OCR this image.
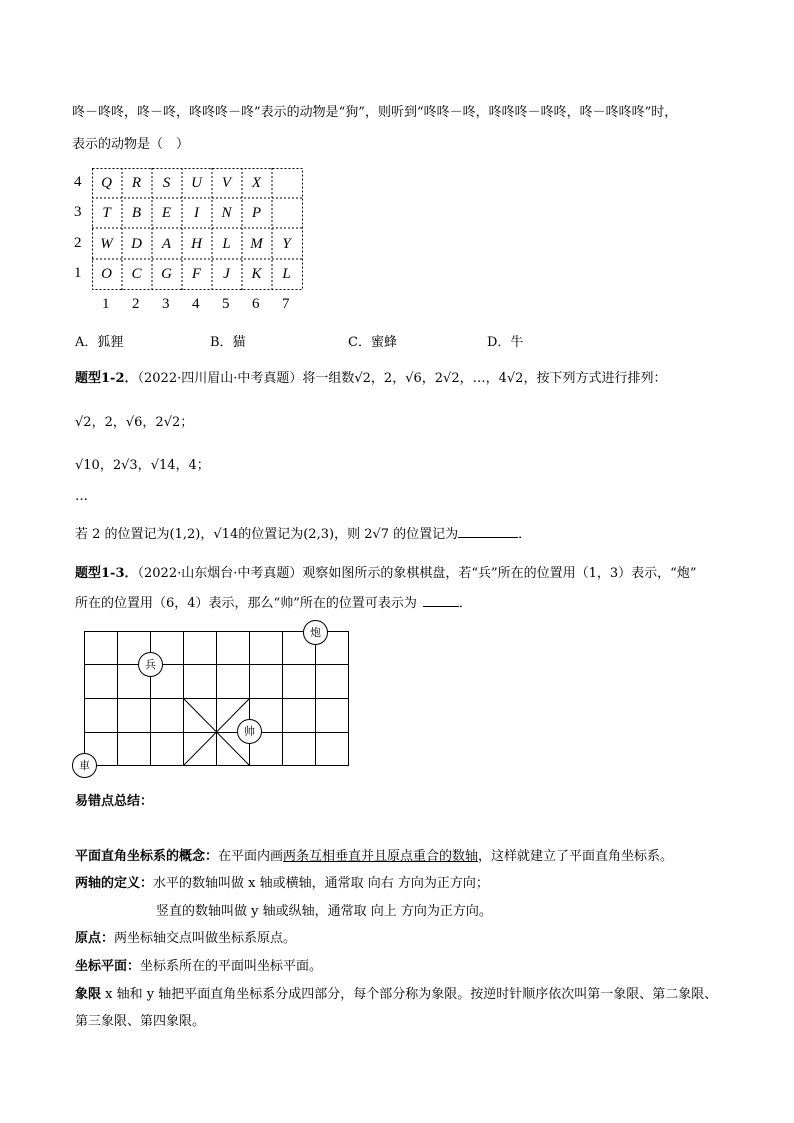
咚－咚咚，咚－咚，咚咚咚－咚”表示的动物是“狗”，则听到“咚咚－咚，咚咚咚－咚咚，咚－咚咚咚”时，
表示的动物是（　）
4	Q	R	S	U	V	X
3	T	B	E	I	N	P
2	W	D	A	H	L	M	Y
1	O	C	G	F	J	K	L
1 2 3 4 5 6 7
A．狐狸	B．猫	C．蜜蜂	D．牛
题型1-2．（2022·四川眉山·中考真题）将一组数√2，2，√6，2√2，…，4√2，按下列方式进行排列：
√2，2，√6，2√2；
√10，2√3，√14，4；
…
若 2 的位置记为(1,2)，√14的位置记为(2,3)，则 2√7 的位置记为	．
题型1-3．（2022·山东烟台·中考真题）观察如图所示的象棋棋盘，若“兵”所在的位置用（1，3）表示，“炮”
所在的位置用（6，4）表示，那么“帅”所在的位置可表示为	．
炮
兵
帅
車
易错点总结：
平面直角坐标系的概念：在平面内画两条互相垂直并且原点重合的数轴，这样就建立了平面直角坐标系。
两轴的定义：水平的数轴叫做 x 轴或横轴，通常取 向右 方向为正方向；
竖直的数轴叫做 y 轴或纵轴，通常取 向上 方向为正方向。
原点：两坐标轴交点叫做坐标系原点。
坐标平面：坐标系所在的平面叫坐标平面。
象限 x 轴和 y 轴把平面直角坐标系分成四部分，每个部分称为象限。按逆时针顺序依次叫第一象限、第二象限、
第三象限、第四象限。
